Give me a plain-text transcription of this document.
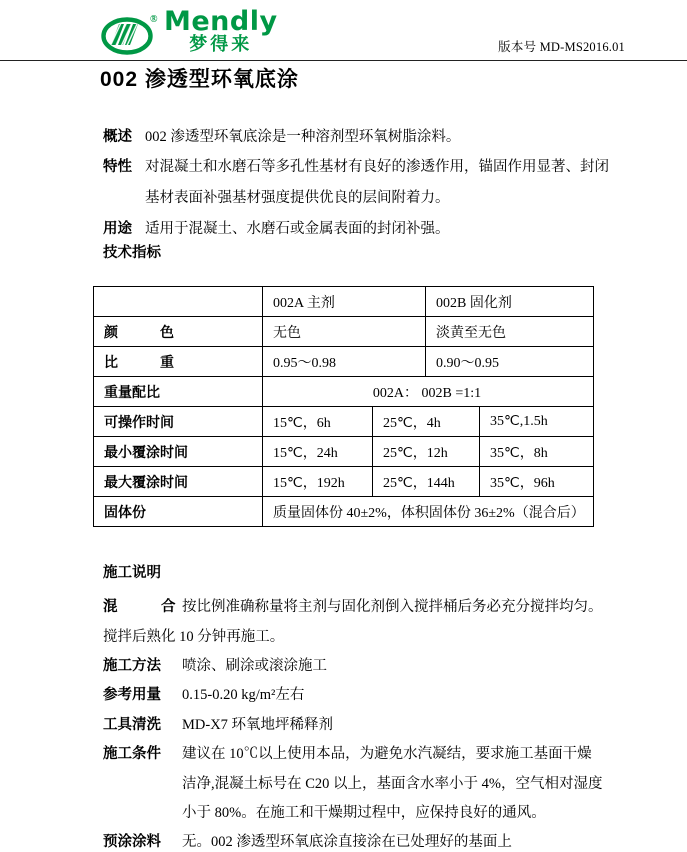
® Mendly
梦得来	版本号 MD-MS2016.01
002 渗透型环氧底涂
概述 002 渗透型环氧底涂是一种溶剂型环氧树脂涂料。
特性 对混凝土和水磨石等多孔性基材有良好的渗透作用，锚固作用显著、封闭
基材表面补强基材强度提供优良的层间附着力。
用途 适用于混凝土、水磨石或金属表面的封闭补强。
技术指标
	002A 主剂		002B 固化剂	
颜　　　色	无色		淡黄至无色	
比　　　重	0.95～0.98		0.90～0.95	
重量配比	002A： 002B =1:1			
可操作时间	15℃，6h	25℃，4h		35℃,1.5h
最小覆涂时间	15℃，24h	25℃，12h		35℃，8h
最大覆涂时间	15℃，192h	25℃，144h		35℃，96h
固体份	质量固体份 40±2%，体积固体份 36±2%（混合后）			
施工说明
混　　　合 按比例准确称量将主剂与固化剂倒入搅拌桶后务必充分搅拌均匀。
搅拌后熟化 10 分钟再施工。
施工方法	喷涂、刷涂或滚涂施工
参考用量	0.15-0.20 kg/m²左右
工具清洗	MD-X7 环氧地坪稀释剂
施工条件	建议在 10℃以上使用本品，为避免水汽凝结，要求施工基面干燥
洁净,混凝土标号在 C20 以上，基面含水率小于 4%，空气相对湿度
小于 80%。在施工和干燥期过程中，应保持良好的通风。
预涂涂料	无。002 渗透型环氧底涂直接涂在已处理好的基面上
